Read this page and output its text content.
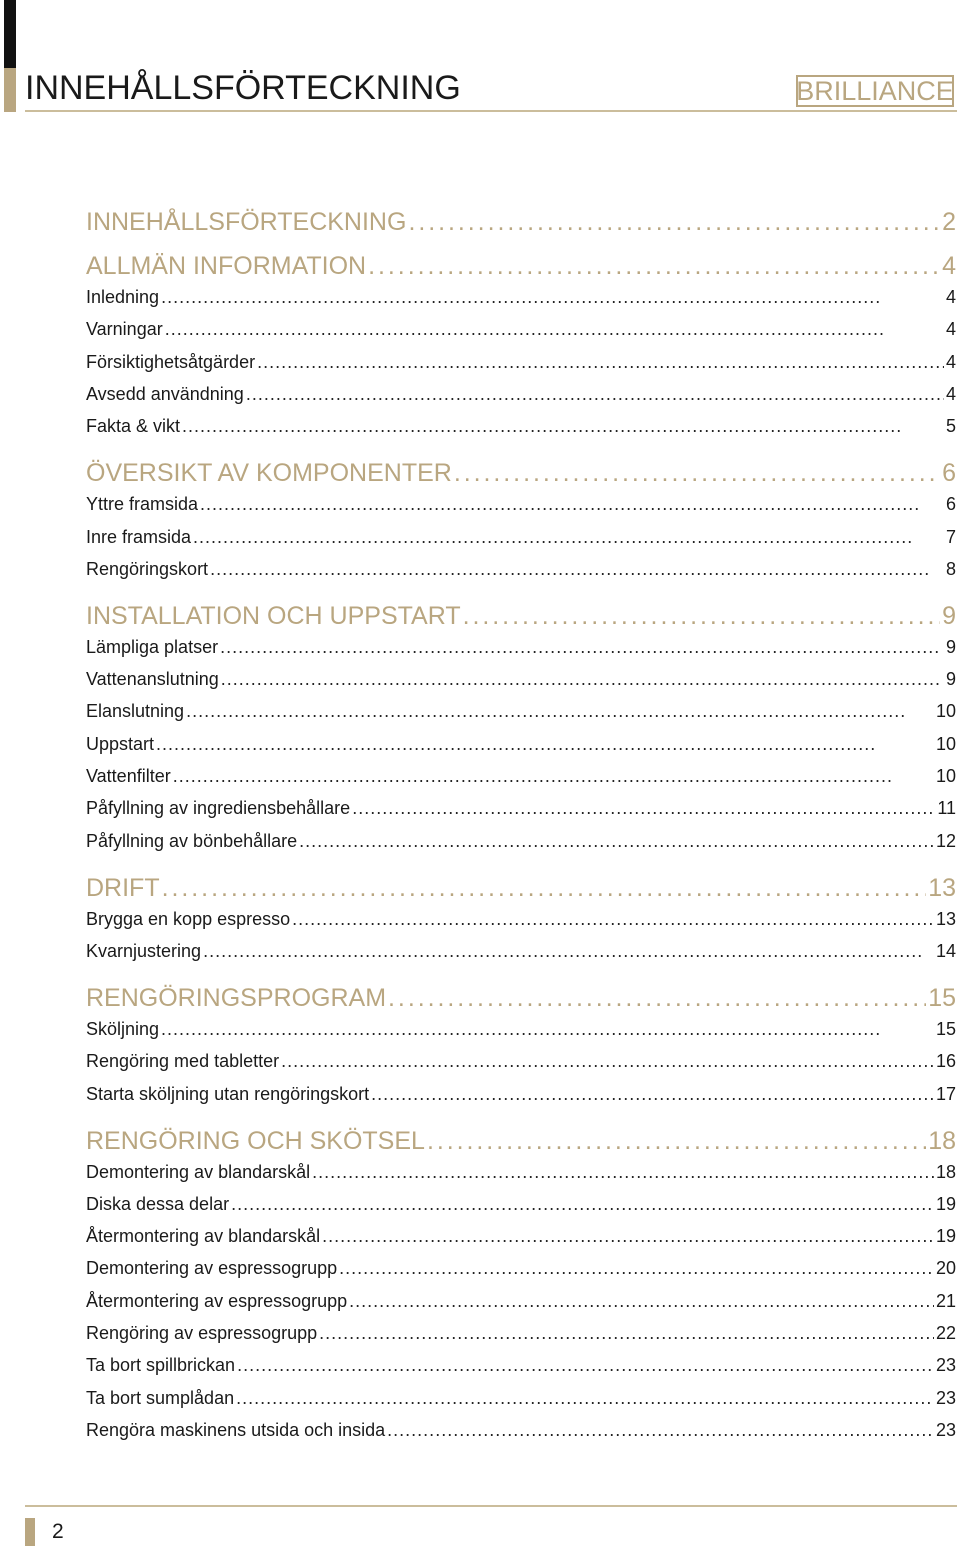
INNEHÅLLSFÖRTECKNING	BRILLIANCE
INNEHÅLLSFÖRTECKNING . . .	2
ALLMÄN INFORMATION . . .	4
Inledning . . .	4
Varningar . . .	4
Försiktighetsåtgärder . . .	4
Avsedd användning . . .	4
Fakta & vikt . . .	5
ÖVERSIKT AV KOMPONENTER . . .	6
Yttre framsida . . .	6
Inre framsida . . .	7
Rengöringskort . . .	8
INSTALLATION OCH UPPSTART . . .	9
Lämpliga platser . . .	9
Vattenanslutning . . .	9
Elanslutning . . .	10
Uppstart . . .	10
Vattenfilter . . .	10
Påfyllning av ingrediensbehållare . . .	11
Påfyllning av bönbehållare . . .	12
DRIFT . . .	13
Brygga en kopp espresso . . .	13
Kvarnjustering . . .	14
RENGÖRINGSPROGRAM . . .	15
Sköljning . . .	15
Rengöring med tabletter . . .	16
Starta sköljning utan rengöringskort . . .	17
RENGÖRING OCH SKÖTSEL . . .	18
Demontering av blandarskål . . .	18
Diska dessa delar . . .	19
Återmontering av blandarskål . . .	19
Demontering av espressogrupp . . .	20
Återmontering av espressogrupp . . .	21
Rengöring av espressogrupp . . .	22
Ta bort spillbrickan . . .	23
Ta bort sumplådan . . .	23
Rengöra maskinens utsida och insida . . .	23
2
